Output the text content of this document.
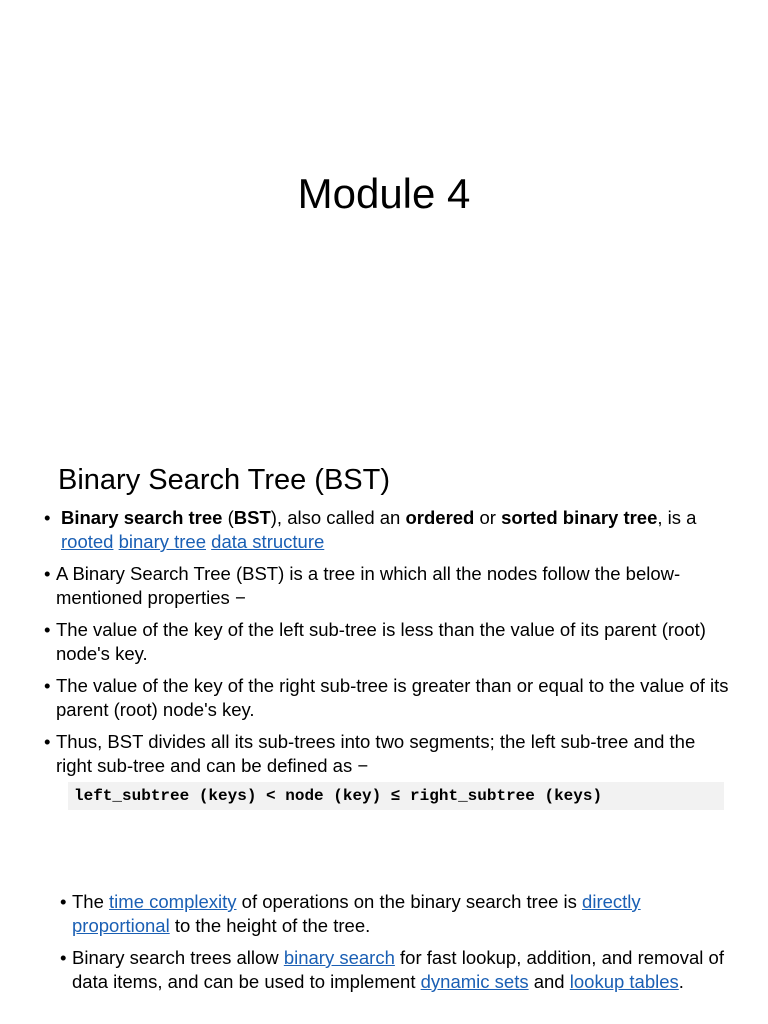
Module 4
Binary Search Tree (BST)
• Binary search tree (BST), also called an ordered or sorted binary tree, is a rooted binary tree data structure
• A Binary Search Tree (BST) is a tree in which all the nodes follow the below-mentioned properties −
• The value of the key of the left sub-tree is less than the value of its parent (root) node's key.
• The value of the key of the right sub-tree is greater than or equal to the value of its parent (root) node's key.
• Thus, BST divides all its sub-trees into two segments; the left sub-tree and the right sub-tree and can be defined as −
left_subtree (keys) < node (key) ≤ right_subtree (keys)
• The time complexity of operations on the binary search tree is directly proportional to the height of the tree.
• Binary search trees allow binary search for fast lookup, addition, and removal of data items, and can be used to implement dynamic sets and lookup tables.
